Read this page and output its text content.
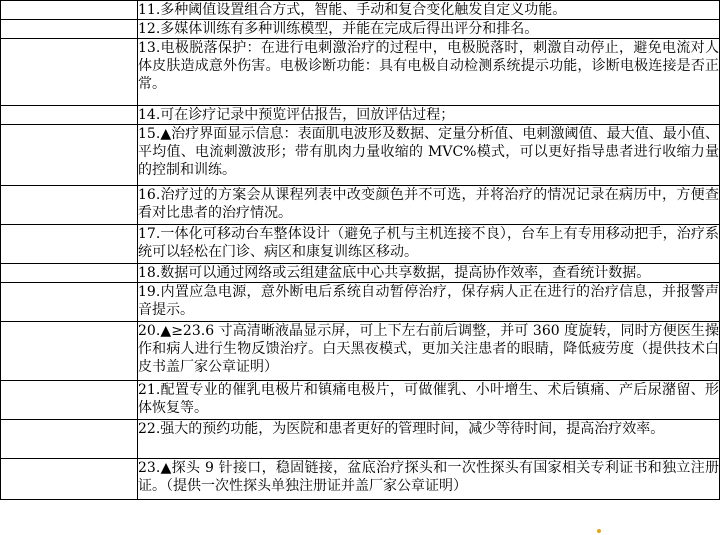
	11.多种阈值设置组合方式，智能、手动和复合变化触发自定义功能。
	12.多媒体训练有多种训练模型，并能在完成后得出评分和排名。
	13.电极脱落保护：在进行电刺激治疗的过程中，电极脱落时，刺激自动停止，避免电流对人体皮肤造成意外伤害。电极诊断功能：具有电极自动检测系统提示功能，诊断电极连接是否正常。
	14.可在诊疗记录中预览评估报告，回放评估过程；
	15.▲治疗界面显示信息：表面肌电波形及数据、定量分析值、电刺激阈值、最大值、最小值、平均值、电流刺激波形；带有肌肉力量收缩的 MVC%模式，可以更好指导患者进行收缩力量的控制和训练。
	16.治疗过的方案会从课程列表中改变颜色并不可选，并将治疗的情况记录在病历中，方便查看对比患者的治疗情况。
	17.一体化可移动台车整体设计（避免子机与主机连接不良），台车上有专用移动把手，治疗系统可以轻松在门诊、病区和康复训练区移动。
	18.数据可以通过网络或云组建盆底中心共享数据，提高协作效率，查看统计数据。
	19.内置应急电源，意外断电后系统自动暂停治疗，保存病人正在进行的治疗信息，并报警声音提示。
	20.▲≥23.6 寸高清晰液晶显示屏，可上下左右前后调整，并可 360 度旋转，同时方便医生操作和病人进行生物反馈治疗。白天黑夜模式，更加关注患者的眼睛，降低疲劳度（提供技术白皮书盖厂家公章证明）
	21.配置专业的催乳电极片和镇痛电极片，可做催乳、小叶增生、术后镇痛、产后尿潴留、形体恢复等。
	22.强大的预约功能，为医院和患者更好的管理时间，减少等待时间，提高治疗效率。
	23.▲探头 9 针接口，稳固链接，盆底治疗探头和一次性探头有国家相关专利证书和独立注册证。（提供一次性探头单独注册证并盖厂家公章证明）
